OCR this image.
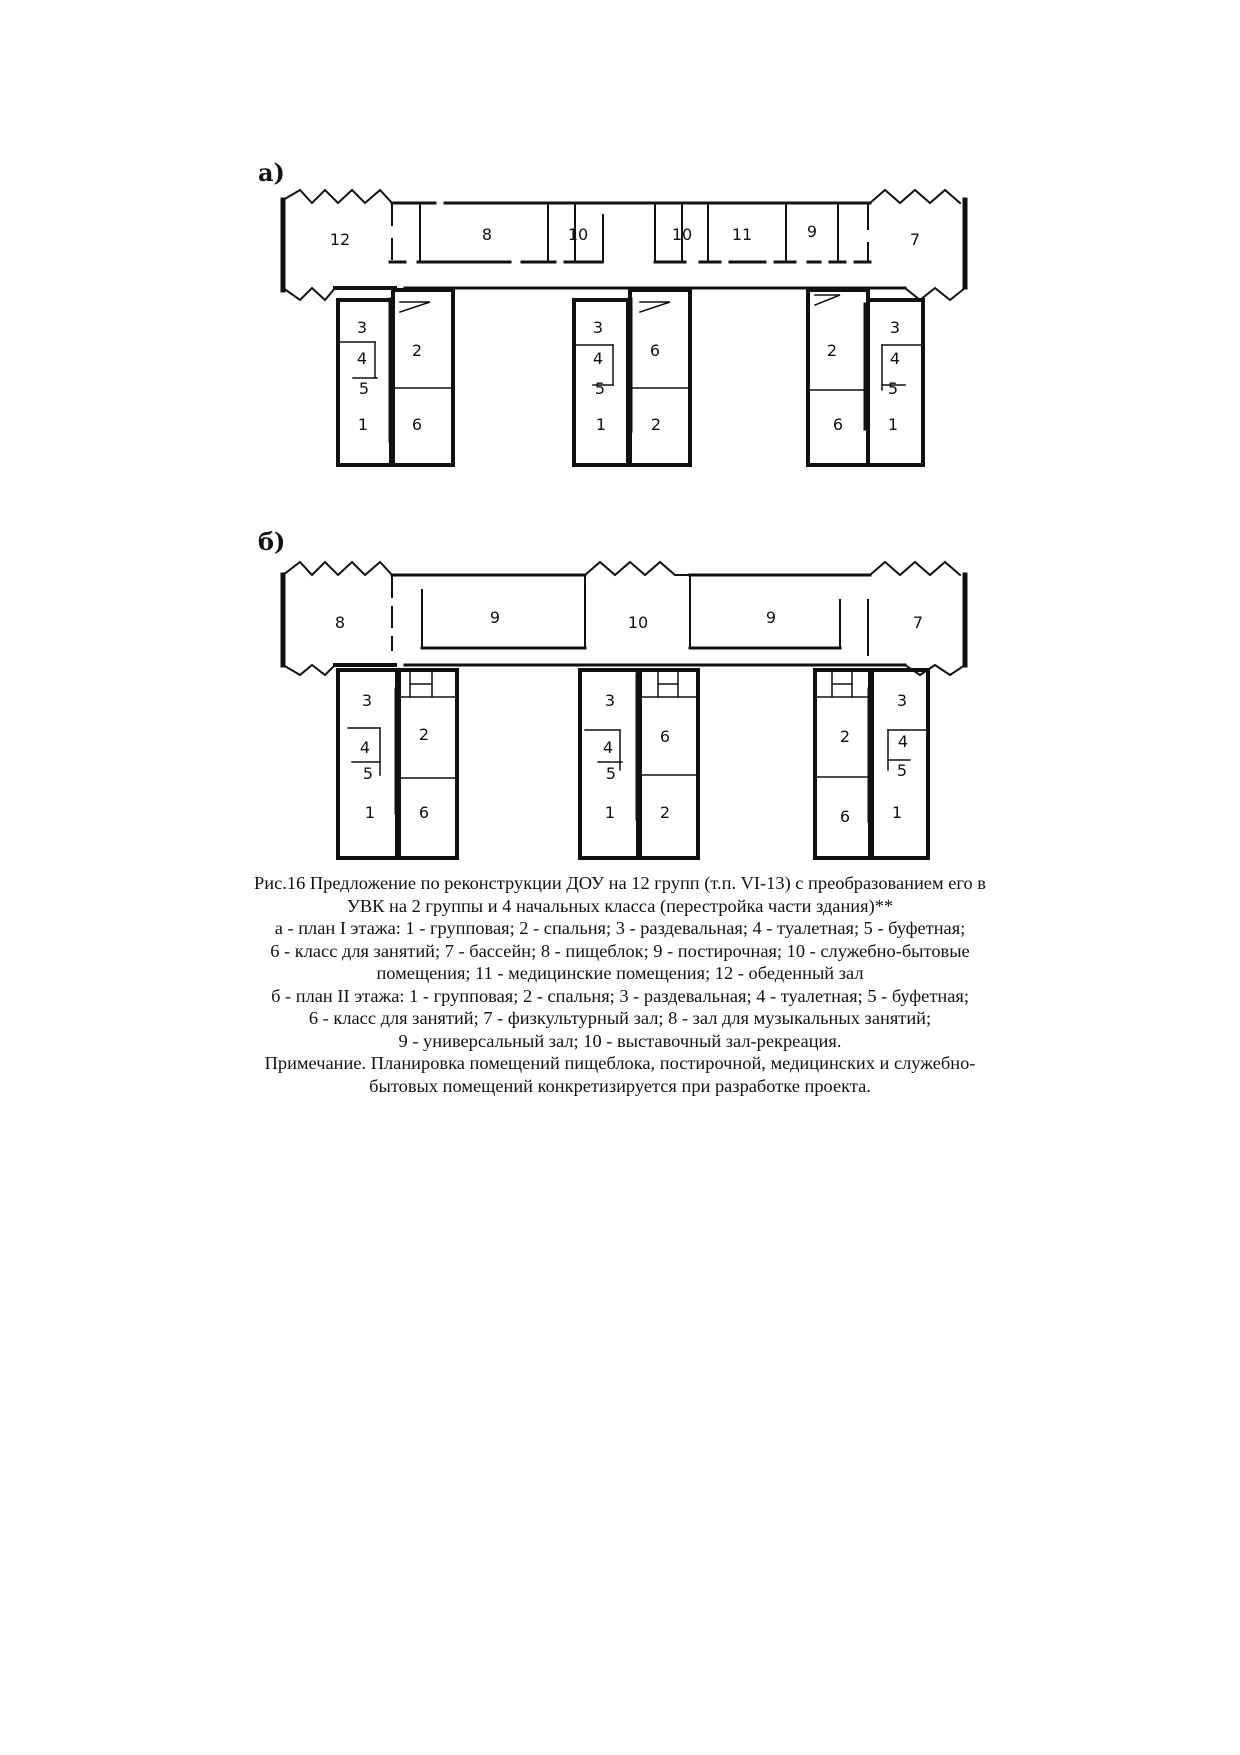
а)
12	8	10	10 11	9	7
3
4
5
2
1	6
3
4
5
6
1	2
2
6
3
4
5
1
б)
8	9	10	9	7
3
4
5
2
1	6
3
4
5
6
1	2
2
6
3
4
5
1
Рис.16 Предложение по реконструкции ДОУ на 12 групп (т.п. VI-13) с преобразованием его в
УВК на 2 группы и 4 начальных класса (перестройка части здания)**
а - план I этажа: 1 - групповая; 2 - спальня; 3 - раздевальная; 4 - туалетная; 5 - буфетная;
6 - класс для занятий; 7 - бассейн; 8 - пищеблок; 9 - постирочная; 10 - служебно-бытовые
помещения; 11 - медицинские помещения; 12 - обеденный зал
б - план II этажа: 1 - групповая; 2 - спальня; 3 - раздевальная; 4 - туалетная; 5 - буфетная;
6 - класс для занятий; 7 - физкультурный зал; 8 - зал для музыкальных занятий;
9 - универсальный зал; 10 - выставочный зал-рекреация.
Примечание. Планировка помещений пищеблока, постирочной, медицинских и служебно-
бытовых помещений конкретизируется при разработке проекта.
